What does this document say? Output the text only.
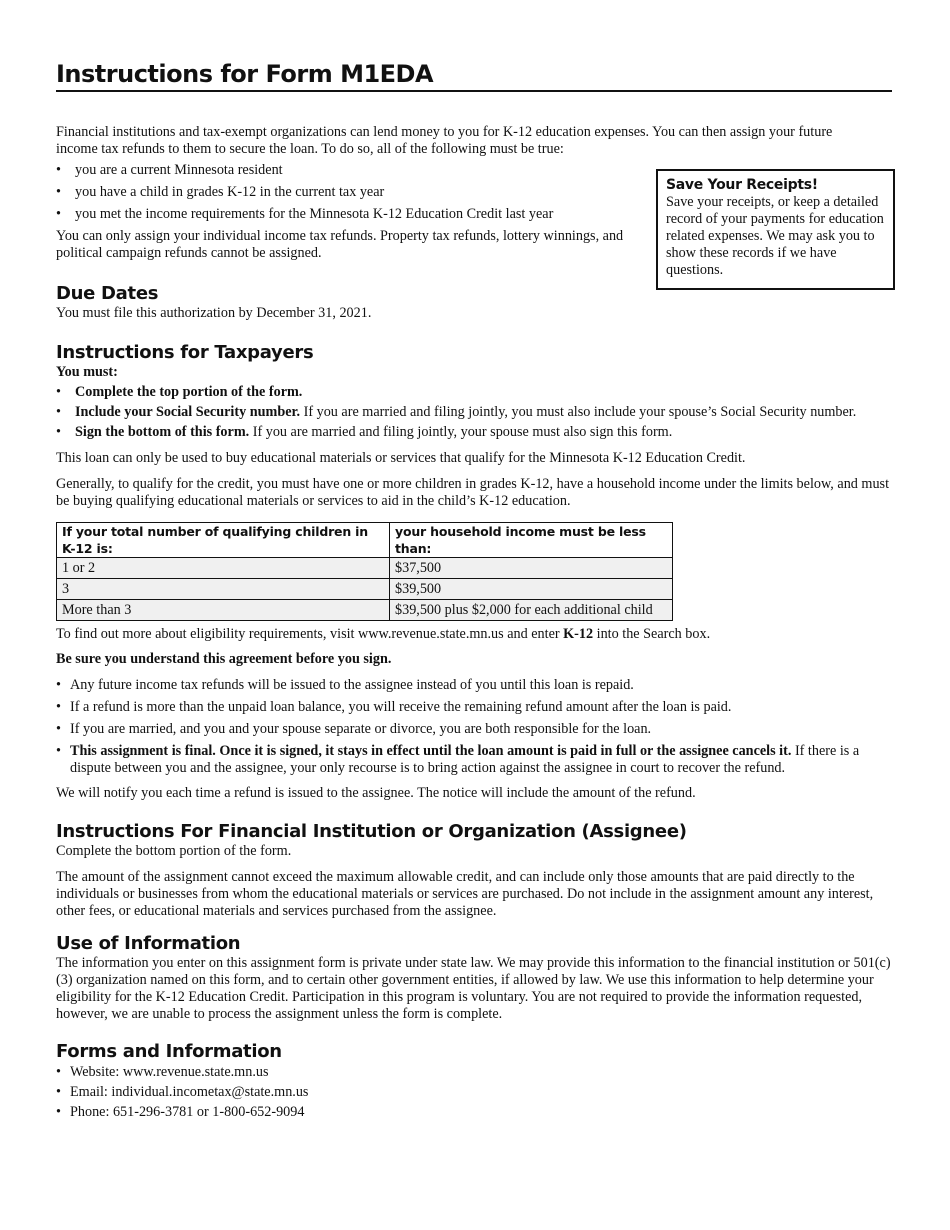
Instructions for Form M1EDA

Financial institutions and tax-exempt organizations can lend money to you for K-12 education expenses. You can then assign your future income tax refunds to them to secure the loan. To do so, all of the following must be true:

• you are a current Minnesota resident
• you have a child in grades K-12 in the current tax year
• you met the income requirements for the Minnesota K-12 Education Credit last year

You can only assign your individual income tax refunds. Property tax refunds, lottery winnings, and political campaign refunds cannot be assigned.

Save Your Receipts!
Save your receipts, or keep a detailed record of your payments for education related expenses. We may ask you to show these records if we have questions.
Due Dates

You must file this authorization by December 31, 2021.

Instructions for Taxpayers

You must:

• Complete the top portion of the form.
• Include your Social Security number. If you are married and filing jointly, you must also include your spouse’s Social Security number.
• Sign the bottom of this form. If you are married and filing jointly, your spouse must also sign this form.

This loan can only be used to buy educational materials or services that qualify for the Minnesota K-12 Education Credit.

Generally, to qualify for the credit, you must have one or more children in grades K-12, have a household income under the limits below, and must be buying qualifying educational materials or services to aid in the child’s K-12 education.

If your total number of qualifying children in K-12 is:	your household income must be less than:
1 or 2	$37,500
3	$39,500
More than 3	$39,500 plus $2,000 for each additional child

To find out more about eligibility requirements, visit www.revenue.state.mn.us and enter K-12 into the Search box.

Be sure you understand this agreement before you sign.

• Any future income tax refunds will be issued to the assignee instead of you until this loan is repaid.
• If a refund is more than the unpaid loan balance, you will receive the remaining refund amount after the loan is paid.
• If you are married, and you and your spouse separate or divorce, you are both responsible for the loan.
• This assignment is final. Once it is signed, it stays in effect until the loan amount is paid in full or the assignee cancels it. If there is a dispute between you and the assignee, your only recourse is to bring action against the assignee in court to recover the refund.

We will notify you each time a refund is issued to the assignee. The notice will include the amount of the refund.

Instructions For Financial Institution or Organization (Assignee)

Complete the bottom portion of the form.

The amount of the assignment cannot exceed the maximum allowable credit, and can include only those amounts that are paid directly to the individuals or businesses from whom the educational materials or services are purchased. Do not include in the assignment amount any interest, other fees, or educational materials and services purchased from the assignee.

Use of Information

The information you enter on this assignment form is private under state law. We may provide this information to the financial institution or 501(c)(3) organization named on this form, and to certain other government entities, if allowed by law. We use this information to help determine your eligibility for the K-12 Education Credit. Participation in this program is voluntary. You are not required to provide the information requested, however, we are unable to process the assignment unless the form is complete.

Forms and Information
• Website: www.revenue.state.mn.us
• Email: individual.incometax@state.mn.us
• Phone: 651-296-3781 or 1-800-652-9094
